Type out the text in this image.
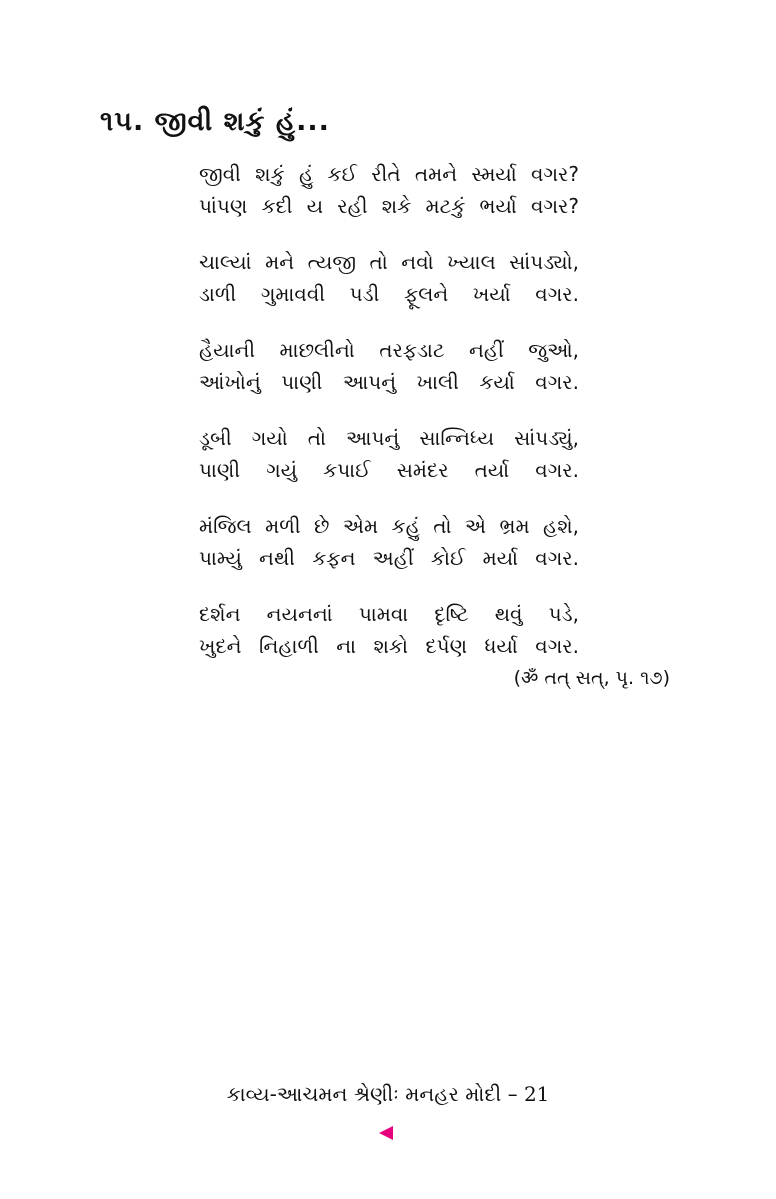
૧૫. જીવી શકું હું...
જીવી શકું હું કઈ રીતે તમને સ્મર્યા વગર?
પાંપણ કદી ય રહી શકે મટકું ભર્યા વગર?
ચાલ્યાં મને ત્યજી તો નવો ખ્યાલ સાંપડ્યો,
ડાળી ગુમાવવી પડી ફૂલને ખર્યા વગર.
હૈયાની માછલીનો તરફડાટ નહીં જુઓ,
આંખોનું પાણી આપનું ખાલી કર્યા વગર.
ડૂબી ગયો તો આપનું સાન્નિધ્ય સાંપડ્યું,
પાણી ગયું કપાઈ સમંદર તર્યા વગર.
મંજિલ મળી છે એમ કહું તો એ ભ્રમ હશે,
પામ્યું નથી કફન અહીં કોઈ મર્યા વગર.
દર્શન નયનનાં પામવા દૃષ્ટિ થવું પડે,
ખુદને નિહાળી ના શકો દર્પણ ધર્યા વગર.
(ॐ તત્ સત્, પૃ. ૧૭)
કાવ્ય-આચમન શ્રેણીઃ મનહર મોદી – 21
